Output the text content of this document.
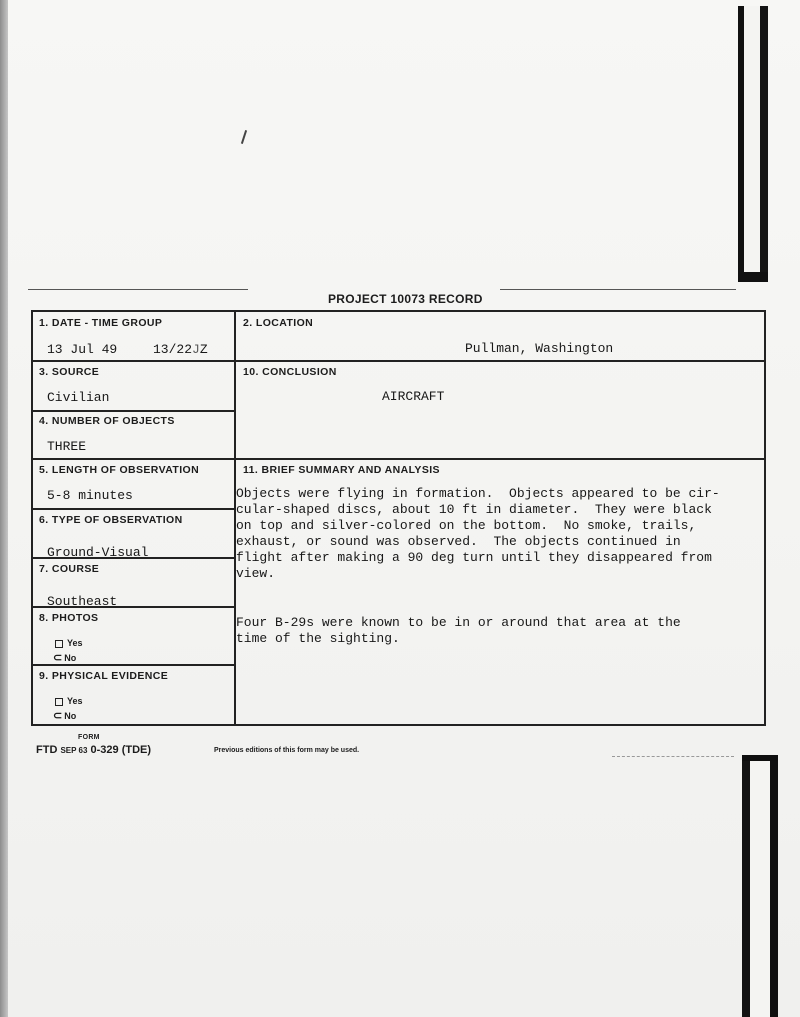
PROJECT 10073 RECORD
1. DATE - TIME GROUP
13 Jul 49	13/22​JZ
2. LOCATION
Pullman, Washington
3. SOURCE
Civilian
10. CONCLUSION
AIRCRAFT
4. NUMBER OF OBJECTS
THREE
5. LENGTH OF OBSERVATION
5-8 minutes
11. BRIEF SUMMARY AND ANALYSIS
6. TYPE OF OBSERVATION
Ground-Visual
7. COURSE
Southeast
8. PHOTOS
Yes
⊂ No
9. PHYSICAL EVIDENCE
Yes
⊂ No
Objects were flying in formation.  Objects appeared to be cir-
cular-shaped discs, about 10 ft in diameter.  They were black
on top and silver-colored on the bottom.  No smoke, trails,
exhaust, or sound was observed.  The objects continued in
flight after making a 90 deg turn until they disappeared from
view.
Four B-29s were known to be in or around that area at the
time of the sighting.
FORM
FTD SEP 63 0-329 (TDE)	Previous editions of this form may be used.
